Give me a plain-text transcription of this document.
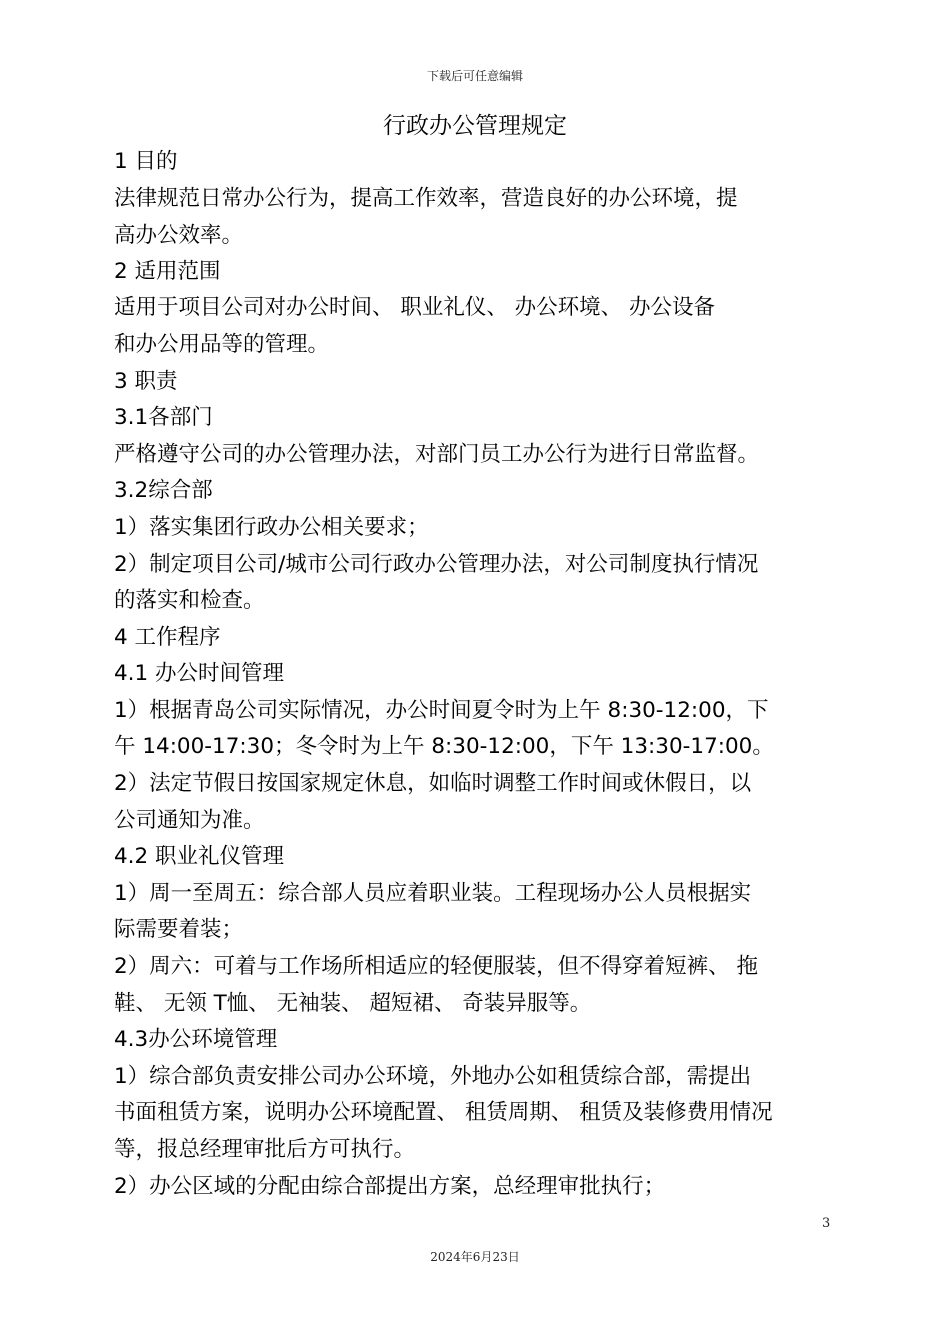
下载后可任意编辑
行政办公管理规定
1 目的
法律规范日常办公行为，提高工作效率，营造良好的办公环境，提
高办公效率。
2 适用范围
适用于项目公司对办公时间、 职业礼仪、 办公环境、 办公设备
和办公用品等的管理。
3 职责
3.1各部门
严格遵守公司的办公管理办法，对部门员工办公行为进行日常监督。
3.2综合部
1）落实集团行政办公相关要求；
2）制定项目公司/城市公司行政办公管理办法，对公司制度执行情况
的落实和检查。
4 工作程序
4.1 办公时间管理
1）根据青岛公司实际情况，办公时间夏令时为上午 8:30-12:00，下
午 14:00-17:30；冬令时为上午 8:30-12:00，下午 13:30-17:00。
2）法定节假日按国家规定休息，如临时调整工作时间或休假日，以
公司通知为准。
4.2 职业礼仪管理
1）周一至周五：综合部人员应着职业装。工程现场办公人员根据实
际需要着装；
2）周六：可着与工作场所相适应的轻便服装，但不得穿着短裤、 拖
鞋、 无领 T恤、 无袖装、 超短裙、 奇装异服等。
4.3办公环境管理
1）综合部负责安排公司办公环境，外地办公如租赁综合部，需提出
书面租赁方案，说明办公环境配置、 租赁周期、 租赁及装修费用情况
等，报总经理审批后方可执行。
2）办公区域的分配由综合部提出方案，总经理审批执行；
3
2024年6月23日
